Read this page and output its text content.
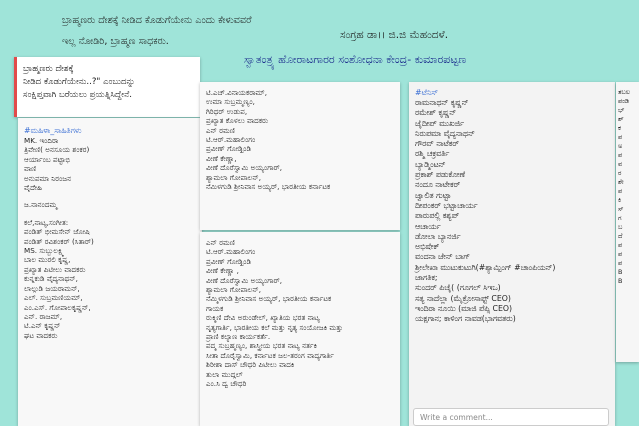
ಬ್ರಾಹ್ಮಣರು ದೇಶಕ್ಕೆ ನೀಡಿದ ಕೊಡುಗೆಯೇನು ಎಂದು ಕೇಳುವವರೆ
ಇಲ್ಲ ನೋಡಿರಿ, ಬ್ರಾಹ್ಮಣ ಸಾಧಕರು.
ಸಂಗ್ರಹ ಡಾ।। ಜಿ.ಜಿ ಮೆಹಂದಳೆ.
ಸ್ವಾತಂತ್ರ್ಯ ಹೋರಾಟಗಾರರ ಸಂಶೋಧನಾ ಕೇಂದ್ರ- ಕುಮಾರಪಟ್ಟಣ
ಬ್ರಾಹ್ಮಣರು ದೇಶಕ್ಕೆ
ನೀಡಿದ ಕೊಡುಗೆಯೇನು..?" ಎಂಬುದನ್ನು
ಸಂಕ್ಷಿಪ್ತವಾಗಿ ಬರೆಯಲು ಪ್ರಯತ್ನಿಸಿದ್ದೇನೆ.
#ಮಹಿಳಾ_ಸಾಹಿತಿಗಳು
MK. ಇಂದಿರಾ
ತ್ರಿವೇಣಿ( ಅನಸೂಯ ಶಂಕರ)
ಆರ್ಯಾಂಬ ಪಟ್ಟಾಭಿ
ವಾಣಿ
ಅನುಪಮಾ ನಿರಂಜನ
ವೈದೇಹಿ
ಜ.ನಾನಂದಮ್ಮ
ಕಲೆ,ನಾಟ್ಯ,ಸಂಗೀತ:
ಪಂಡಿತ್ ಭೀಮಸೇನ್ ಜೋಷಿ
ಪಂಡಿತ್ ರವಿಶಂಕರ್ (ಸಿತಾರ್)
MS. ಸುಬ್ಬುಲಕ್ಷ್ಮಿ
ಬಾಲ ಮುರಲಿ ಕೃಷ್ಣ,
ಪ್ರಖ್ಯಾತ ಪಿಟೀಲು ವಾದಕರು
ಕುನ್ನಕುಡಿ ವೈದ್ಯನಾಥನ್,
ಲಾಲ್ಗುಡಿ ಜಯರಾಮನ್,
ಎಲ್. ಸುಬ್ರಮಣಿಯಮ್,
ಎಂ.ಎಸ್. ಗೋಪಾಲಕೃಷ್ಣನ್,
ಎನ್. ರಾಜಮ್,
ಟಿ.ಎನ್ ಕೃಷ್ಣನ್
ಘಟ ವಾದಕರು
ಟಿ.ಎಚ್.ವಿನಾಯಕರಾಮ್,
ಉಮಾ ಸುಬ್ರಮ್ಮಣ್ಯಂ,
ಗಿರಿಧರ್ ಉಡುಪ,
ಪ್ರಖ್ಯಾತ ಕೊಳಲು ವಾದಕರು
ಎನ್ ರಮಣಿ
ಟಿ.ಆರ್.ಮಹಾಲಿಂಗಂ
ಪ್ರವೀಣ್ ಗೋಡ್ಖಿಂಡಿ
ವೀಣೆ ಕೇಣ್ಣಾ,
ವೀಣೆ ದೊರೆಸ್ವಾಮಿ ಅಯ್ಯಂಗಾರ್,
ಶ್ಯಾಮಲಾ ಗೋಪಾಲನ್,
ನೆಮಿಳಗುಡಿ ಶ್ರೀನಿವಾಸ ಅಯ್ಯರ್, ಭಾರತೀಯ ಕರ್ನಾಟಕ
ಎನ್ ರಮಣಿ
ಟಿ.ಆರ್.ಮಹಾಲಿಂಗಂ
ಪ್ರವೀಣ್ ಗೋಡ್ಖಿಂಡಿ
ವೀಣೆ ಕೇಣ್ಣಾ ,
ವೀಣೆ ದೊರೆಸ್ವಾಮಿ ಅಯ್ಯಂಗಾರ್,
ಶ್ಯಾಮಲಾ ಗೋಪಾಲನ್,
ನೆಮ್ಮಿಳಗುಡಿ ಶ್ರೀನಿವಾಸ ಅಯ್ಯರ್, ಭಾರತೀಯ ಕರ್ನಾಟಕ
ಗಾಯಕ
ರುಕ್ಮಿಣಿ ದೇವಿ ಅರುಂಡೇಲ್, ಖ್ಯಾತಿಯ ಭರತ ನಾಟ್ಯ
ನೃತ್ಯಗಾರ್ತಿ, ಭಾರತೀಯ ಕಲೆ ಮತ್ತು ನೃತ್ಯ ಸಂಯೋಜಕಿ ಮತ್ತು
ಪ್ರಾಣಿ ಕಲ್ಯಾಣ ಕಾರ್ಯಕರ್ತೆ.
ಪದ್ಮ ಸುಬ್ರಹ್ಮಣ್ಯಂ, ಶಾಸ್ತ್ರೀಯ ಭರತ ನಾಟ್ಯ ನರ್ತಕಿ
ಸೀತಾ ದೊರೈಸ್ವಾಮಿ, ಕರ್ನಾಟಕ ಜಲ-ತರಂಗ ವಾದ್ಯಗಾರ್ತಿ
ಶಿರೀಶಾ ದಾಸ್ ಚೌಧರಿ ಪಿಟೀಲು ವಾದಕಿ
ತುಲಾ ಮುದ್ಗಲ್
ಎಂ.ಸಿ ದ್ವ ಚೌಧರಿ
#ಟೆನಿಸ್
ರಾಮನಾಥನ್ ಕೃಷ್ಣನ್
ರಮೇಶ್ ಕೃಷ್ಣನ್
ಜೈದೀಪ್ ಮುಖರ್ಜಿ
ನಿರುಪಮಾ ವೈದ್ಯನಾಥನ್
ಗೌರವ್ ನಾಟೆಕರ್
ರಶ್ಮಿ ಚಕ್ರವರ್ತಿ
ಬ್ಯಾಡ್ಮಿಂಟನ್
ಪ್ರಕಾಶ್ ಪಡುಕೋಣೆ
ನಂದೂ ನಾಟೇಕರ್
ಜ್ವಾಲಿತ ಗುಟ್ಟಾ
ದೀಪಂಕರ್ ಭಟ್ಟಾಚಾರ್ಯ
ಪಾರುಪಲ್ಲಿ ಕಶ್ಯಪ್
ಆಚಾರ್ಯ
ಡೋಲಾ ಬ್ಯಾನರ್ಜಿ
ಅಭಿಷೇಕ್
ವಂದನಾ ಜೇನ್ ಬಾಗ್
ಶ್ರೀಲೇಖಾ ಮುಟುಕುಟುಗಿ(#ಶ್ಯಾಮ್ಪಿಂಗ್ #ಚಾಂಪಿಯನ್)
ಜಾಗತಿಕ;
ಸುಂದರ್ ಪಿಚೈ( (ಗೂಗಲ್ ಸಿಇಒ)
ಸತ್ಯ ನಾದೆಲ್ಲಾ (ಮೈಕ್ರೋಸಾಫ್ಟ್ CEO)
ಇಂದಿರಾ ನೂಯಿ (ಮಾಜಿ ಪೆಪ್ಸಿ CEO)
ಯಕ್ಷಗಾನ; ಕಾಳಿಂಗ ನಾವಡ(ಭಾಗವತರು)
ತಬಲ
ಪಂಡಿ
ಭ್
ಶ್
ಕ
ಪ
ಅ
ಪ
ವ
ರ
ಶೇ
ಪ
ಕಿ
ಸ್
ಗ
ಬ
ದೆ
ಪ
ಪ
ಪ
B
B
Write a comment...
